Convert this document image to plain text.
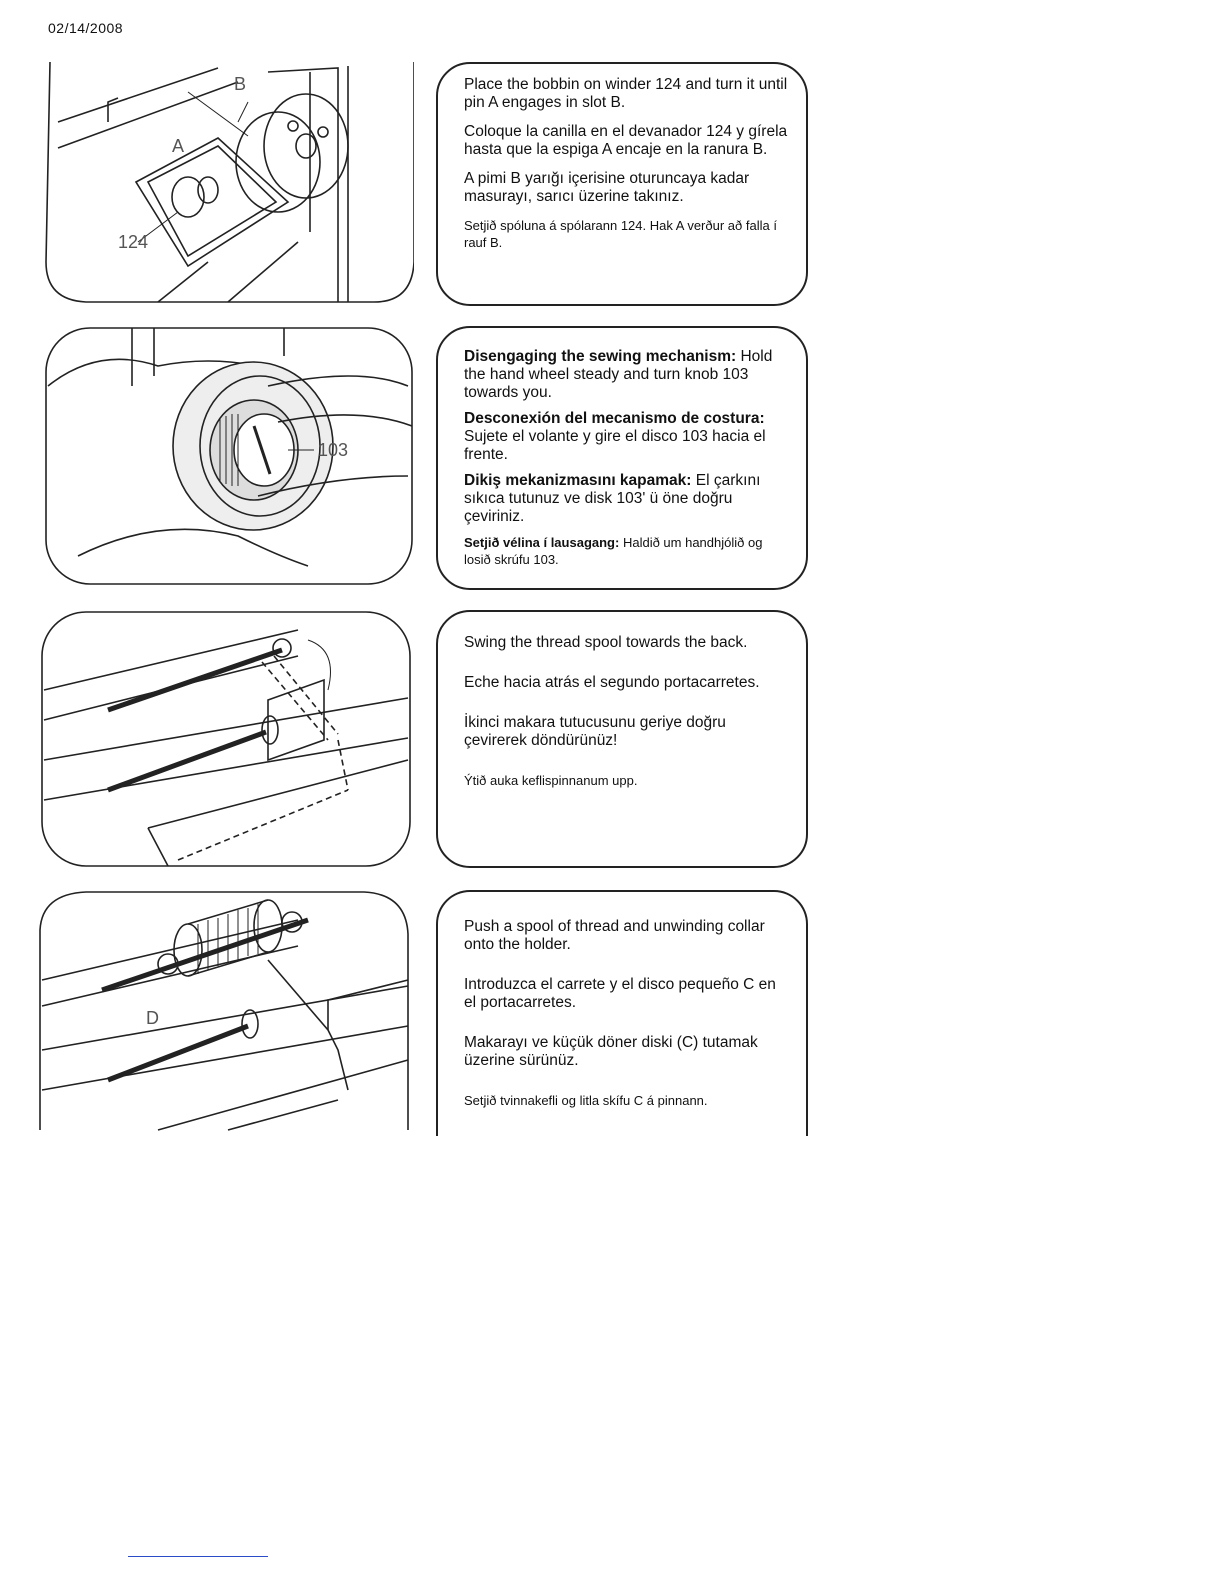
02/14/2008
B
A
124

Place the bobbin on winder 124 and turn it until pin A engages in slot B.

Coloque la canilla en el devanador 124 y gírela hasta que la espiga A encaje en la ranura B.

A pimi B yarığı içerisine oturuncaya kadar masurayı, sarıcı üzerine takınız.

Setjið spóluna á spólarann 124. Hak A verður að falla í rauf B.

103

Disengaging the sewing mechanism: Hold the hand wheel steady and turn knob 103 towards you.

Desconexión del mecanismo de costura: Sujete el volante y gire el disco 103 hacia el frente.

Dikiş mekanizmasını kapamak: El çarkını sıkıca tutunuz ve disk 103' ü öne doğru çeviriniz.

Setjið vélina í lausagang: Haldið um handhjólið og losið skrúfu 103.

Swing the thread spool towards the back.

Eche hacia atrás el segundo portacarretes.

İkinci makara tutucusunu geriye doğru çevirerek döndürünüz!

Ýtið auka keflispinnanum upp.

D

Push a spool of thread and unwinding collar onto the holder.

Introduzca el carrete y el disco pequeño C en el portacarretes.

Makarayı ve küçük döner diski (C) tutamak üzerine sürünüz.

Setjið tvinnakefli og litla skífu C á pinnann.
